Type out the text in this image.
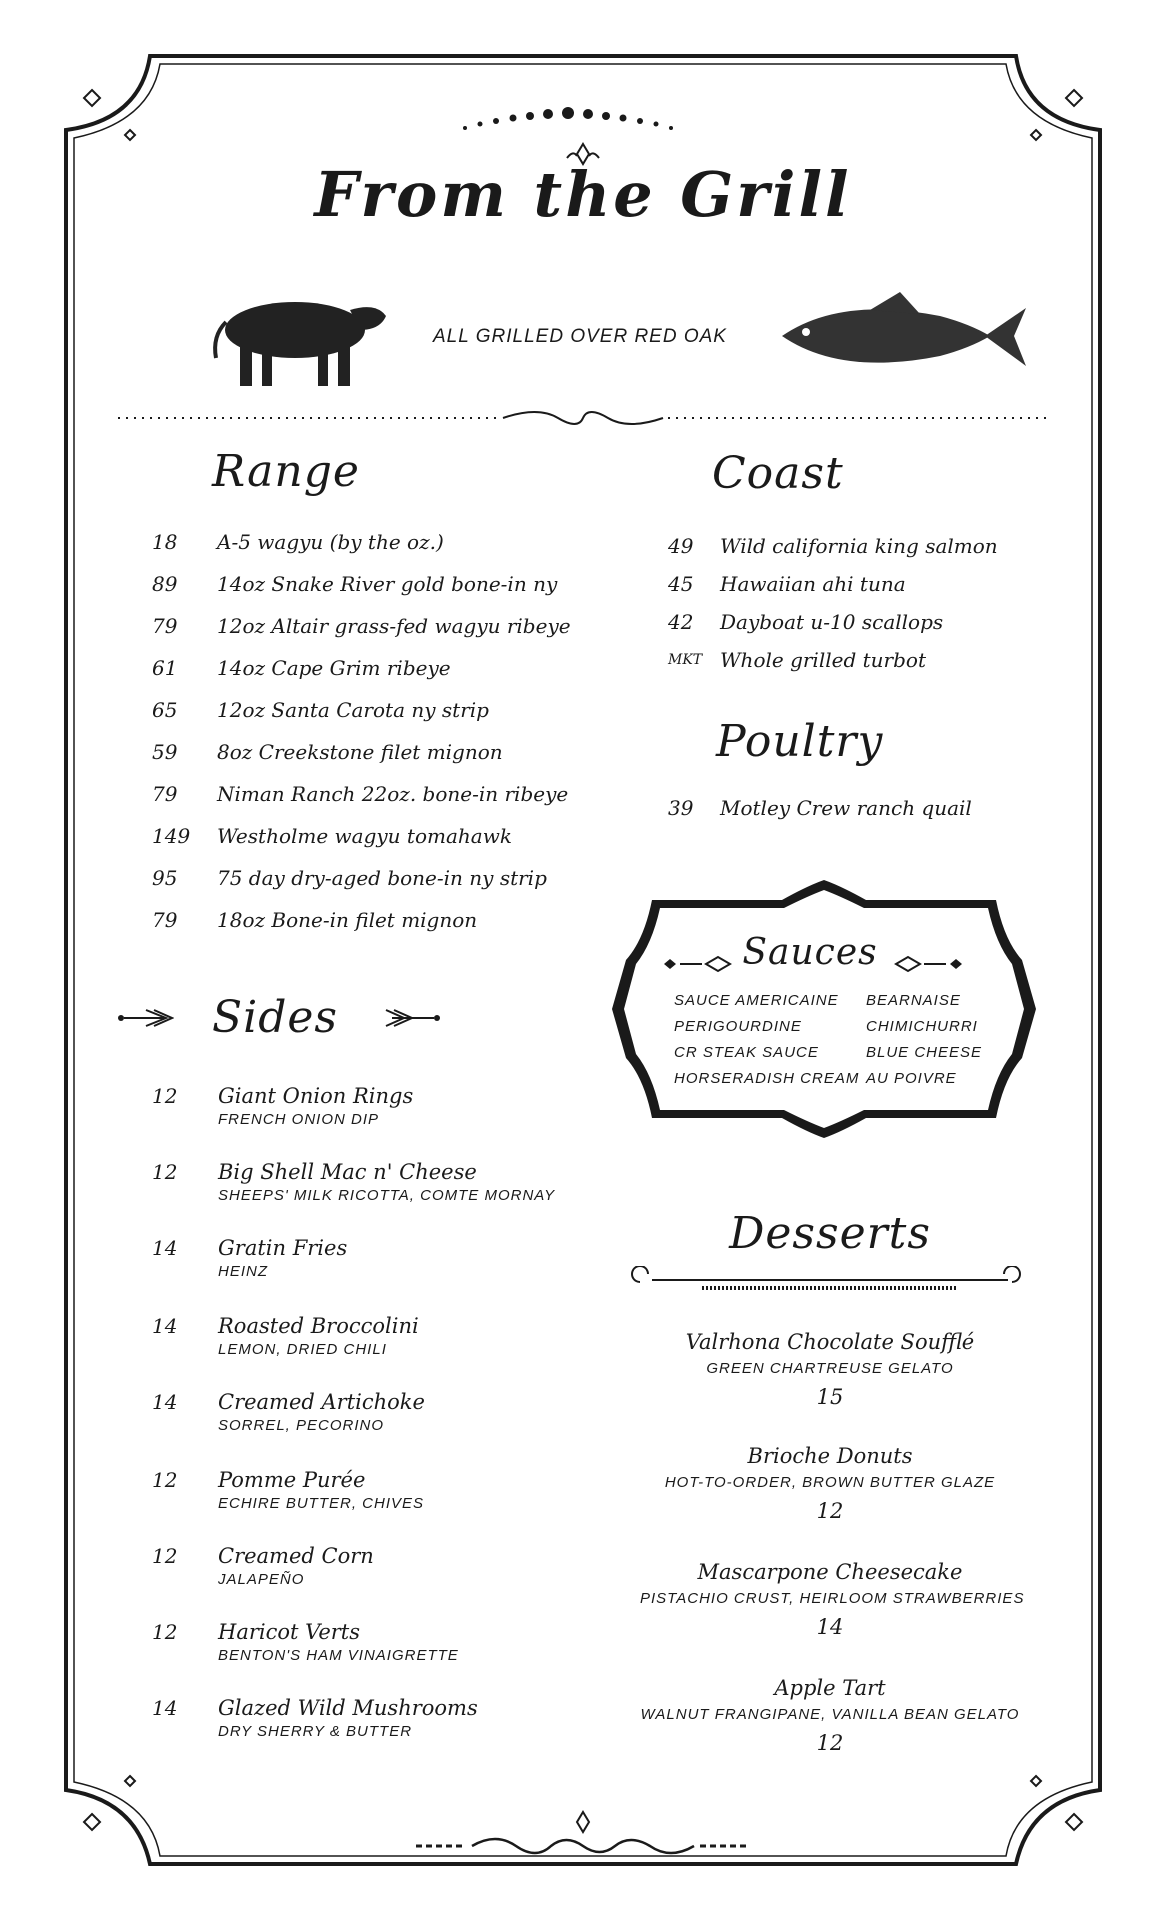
From the Grill
ALL GRILLED OVER RED OAK
Range
18	A-5 wagyu (by the oz.)
89	14oz Snake River gold bone-in ny
79	12oz Altair grass-fed wagyu ribeye
61	14oz Cape Grim ribeye
65	12oz Santa Carota ny strip
59	8oz Creekstone filet mignon
79	Niman Ranch 22oz. bone-in ribeye
149	Westholme wagyu tomahawk
95	75 day dry-aged bone-in ny strip
79	18oz Bone-in filet mignon
Coast
49	Wild california king salmon
45	Hawaiian ahi tuna
42	Dayboat u-10 scallops
MKT Whole grilled turbot
Poultry
39	Motley Crew ranch quail
Sauces
SAUCE AMERICAINE
PERIGOURDINE
CR STEAK SAUCE
HORSERADISH CREAM
BEARNAISE
CHIMICHURRI
BLUE CHEESE
AU POIVRE
Sides
12	Giant Onion Rings
FRENCH ONION DIP
12	Big Shell Mac n' Cheese
SHEEPS' MILK RICOTTA, COMTE MORNAY
14	Gratin Fries
HEINZ
14	Roasted Broccolini
LEMON, DRIED CHILI
14	Creamed Artichoke
SORREL, PECORINO
12	Pomme Purée
ECHIRE BUTTER, CHIVES
12	Creamed Corn
JALAPEÑO
12	Haricot Verts
BENTON'S HAM VINAIGRETTE
14	Glazed Wild Mushrooms
DRY SHERRY & BUTTER
Desserts
Valrhona Chocolate Soufflé
GREEN CHARTREUSE GELATO
15
Brioche Donuts
HOT-TO-ORDER, BROWN BUTTER GLAZE
12
Mascarpone Cheesecake
PISTACHIO CRUST, HEIRLOOM STRAWBERRIES
14
Apple Tart
WALNUT FRANGIPANE, VANILLA BEAN GELATO
12
